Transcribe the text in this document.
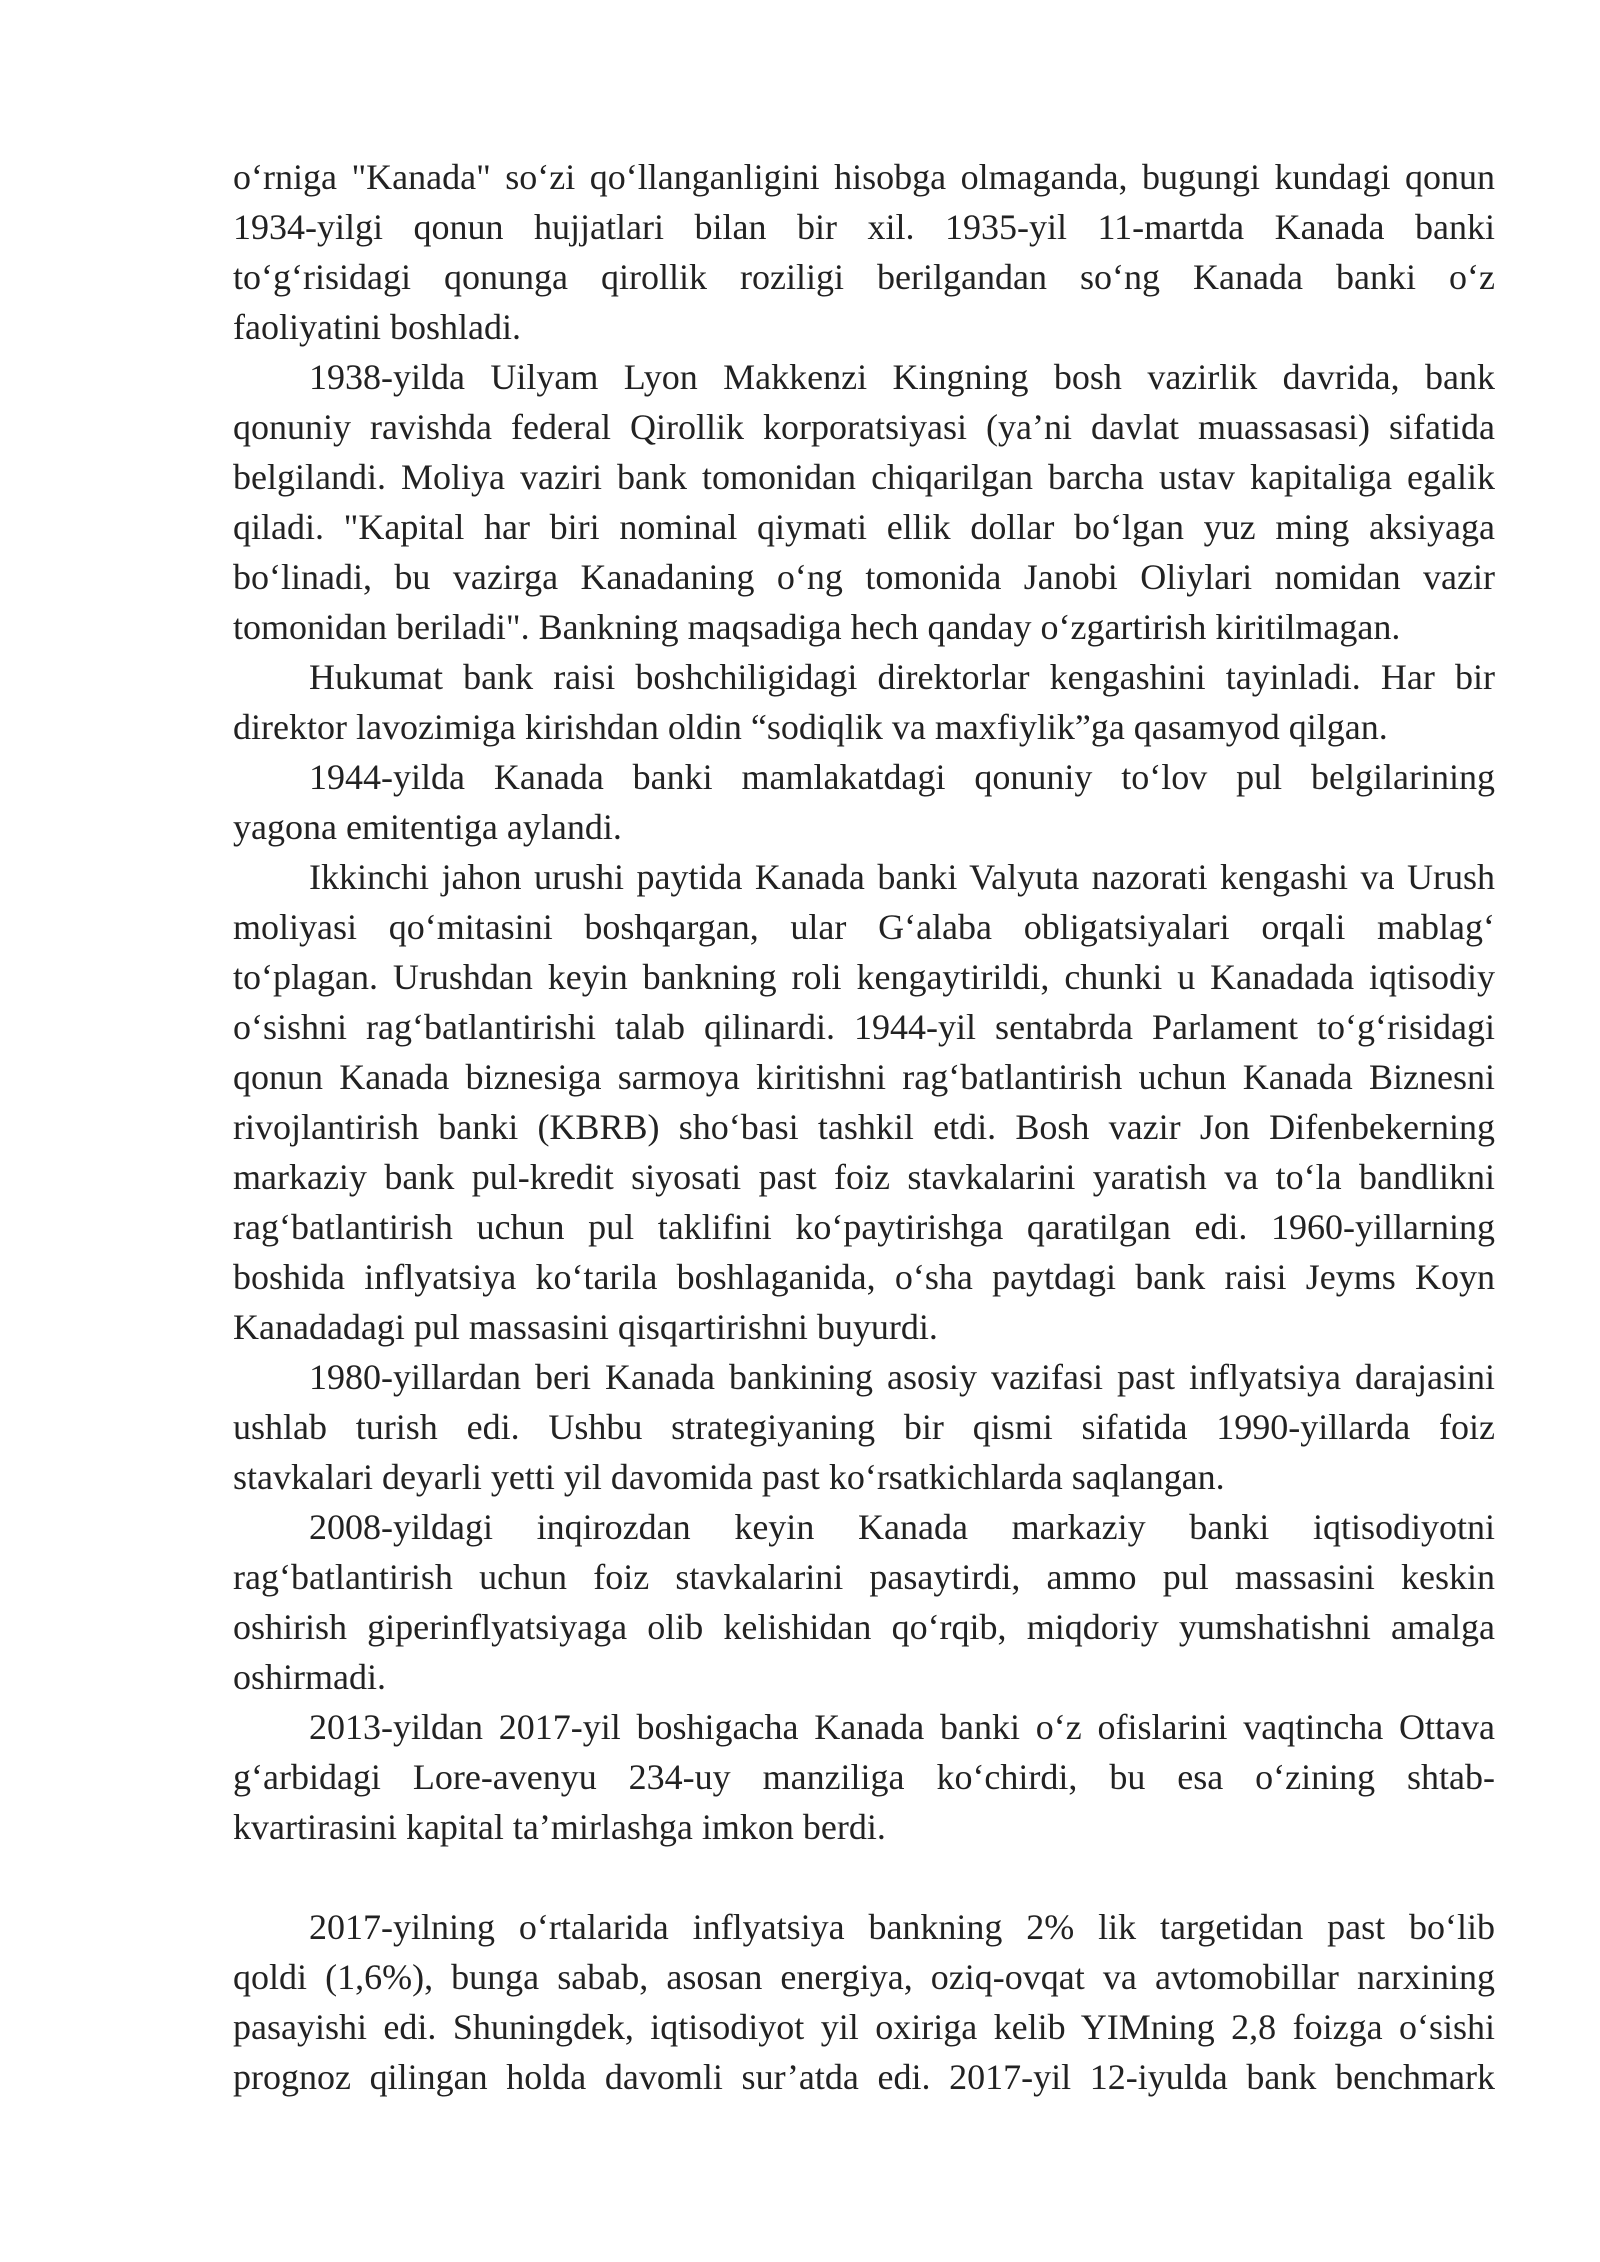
o‘rniga "Kanada" so‘zi qo‘llanganligini hisobga olmaganda, bugungi kundagi qonun
1934-yilgi qonun hujjatlari bilan bir xil. 1935-yil 11-martda Kanada banki
to‘g‘risidagi qonunga qirollik roziligi berilgandan so‘ng Kanada banki o‘z
faoliyatini boshladi.
1938-yilda Uilyam Lyon Makkenzi Kingning bosh vazirlik davrida, bank
qonuniy ravishda federal Qirollik korporatsiyasi (ya’ni davlat muassasasi) sifatida
belgilandi. Moliya vaziri bank tomonidan chiqarilgan barcha ustav kapitaliga egalik
qiladi. "Kapital har biri nominal qiymati ellik dollar bo‘lgan yuz ming aksiyaga
bo‘linadi, bu vazirga Kanadaning o‘ng tomonida Janobi Oliylari nomidan vazir
tomonidan beriladi". Bankning maqsadiga hech qanday o‘zgartirish kiritilmagan.
Hukumat bank raisi boshchiligidagi direktorlar kengashini tayinladi. Har bir
direktor lavozimiga kirishdan oldin “sodiqlik va maxfiylik”ga qasamyod qilgan.
1944-yilda Kanada banki mamlakatdagi qonuniy to‘lov pul belgilarining
yagona emitentiga aylandi.
Ikkinchi jahon urushi paytida Kanada banki Valyuta nazorati kengashi va Urush
moliyasi qo‘mitasini boshqargan, ular G‘alaba obligatsiyalari orqali mablag‘
to‘plagan. Urushdan keyin bankning roli kengaytirildi, chunki u Kanadada iqtisodiy
o‘sishni rag‘batlantirishi talab qilinardi. 1944-yil sentabrda Parlament to‘g‘risidagi
qonun Kanada biznesiga sarmoya kiritishni rag‘batlantirish uchun Kanada Biznesni
rivojlantirish banki (KBRB) sho‘basi tashkil etdi. Bosh vazir Jon Difenbekerning
markaziy bank pul-kredit siyosati past foiz stavkalarini yaratish va to‘la bandlikni
rag‘batlantirish uchun pul taklifini ko‘paytirishga qaratilgan edi. 1960-yillarning
boshida inflyatsiya ko‘tarila boshlaganida, o‘sha paytdagi bank raisi Jeyms Koyn
Kanadadagi pul massasini qisqartirishni buyurdi.
1980-yillardan beri Kanada bankining asosiy vazifasi past inflyatsiya darajasini
ushlab turish edi. Ushbu strategiyaning bir qismi sifatida 1990-yillarda foiz
stavkalari deyarli yetti yil davomida past ko‘rsatkichlarda saqlangan.
2008-yildagi inqirozdan keyin Kanada markaziy banki iqtisodiyotni
rag‘batlantirish uchun foiz stavkalarini pasaytirdi, ammo pul massasini keskin
oshirish giperinflyatsiyaga olib kelishidan qo‘rqib, miqdoriy yumshatishni amalga
oshirmadi.
2013-yildan 2017-yil boshigacha Kanada banki o‘z ofislarini vaqtincha Ottava
g‘arbidagi Lore-avenyu 234-uy manziliga ko‘chirdi, bu esa o‘zining shtab-
kvartirasini kapital ta’mirlashga imkon berdi.
2017-yilning o‘rtalarida inflyatsiya bankning 2% lik targetidan past bo‘lib
qoldi (1,6%), bunga sabab, asosan energiya, oziq-ovqat va avtomobillar narxining
pasayishi edi. Shuningdek, iqtisodiyot yil oxiriga kelib YIMning 2,8 foizga o‘sishi
prognoz qilingan holda davomli sur’atda edi. 2017-yil 12-iyulda bank benchmark
